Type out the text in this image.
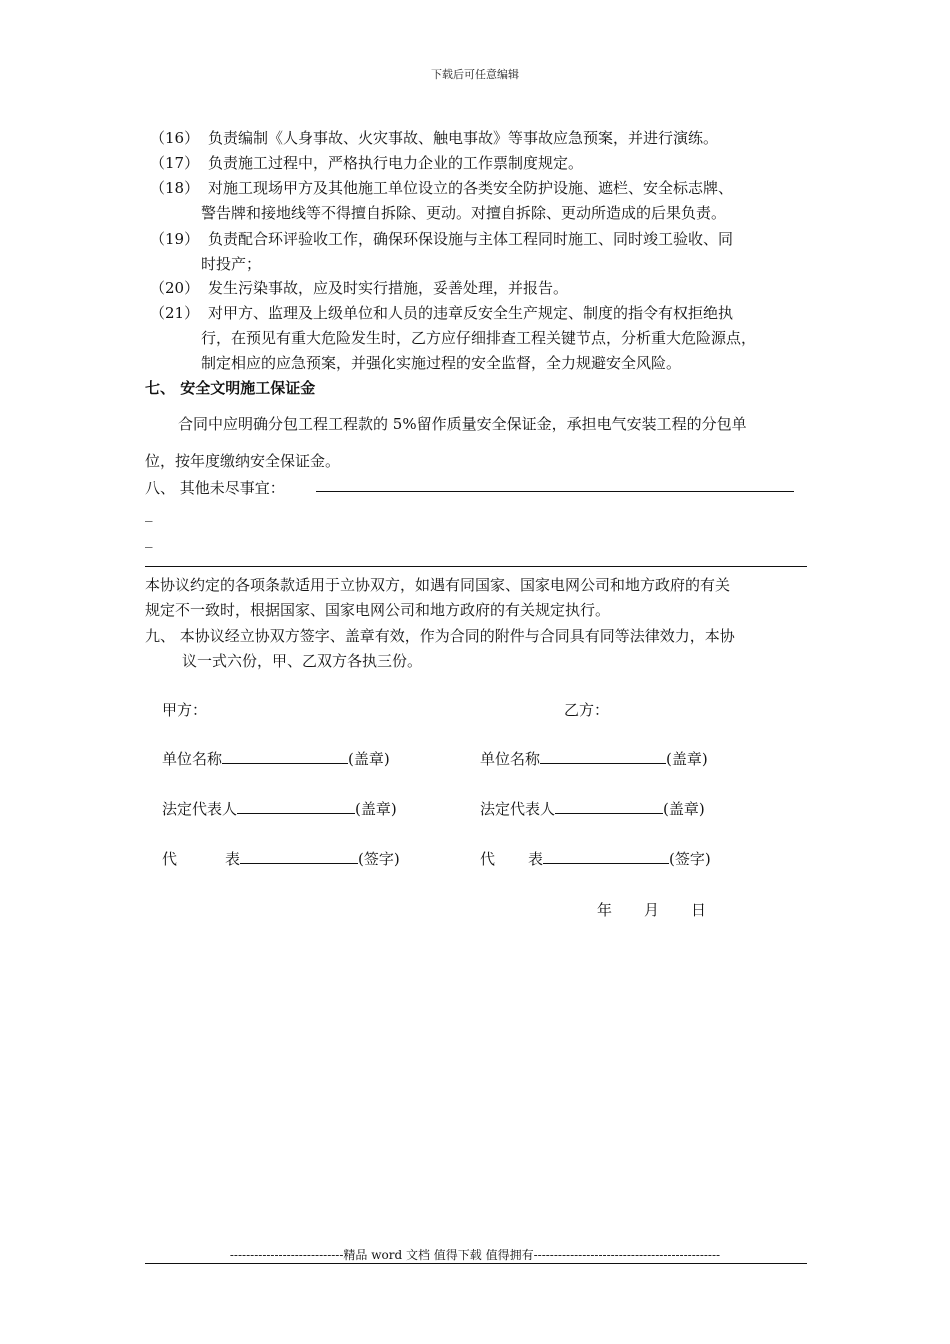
下载后可任意编辑
（16） 负责编制《人身事故、火灾事故、触电事故》等事故应急预案，并进行演练。
（17） 负责施工过程中，严格执行电力企业的工作票制度规定。
（18） 对施工现场甲方及其他施工单位设立的各类安全防护设施、遮栏、安全标志牌、
警告牌和接地线等不得擅自拆除、更动。对擅自拆除、更动所造成的后果负责。
（19） 负责配合环评验收工作，确保环保设施与主体工程同时施工、同时竣工验收、同
时投产；
（20） 发生污染事故，应及时实行措施，妥善处理，并报告。
（21） 对甲方、监理及上级单位和人员的违章反安全生产规定、制度的指令有权拒绝执
行，在预见有重大危险发生时，乙方应仔细排查工程关键节点，分析重大危险源点，
制定相应的应急预案，并强化实施过程的安全监督，全力规避安全风险。
七、 安全文明施工保证金
合同中应明确分包工程工程款的 5%留作质量安全保证金，承担电气安装工程的分包单
位，按年度缴纳安全保证金。
八、 其他未尽事宜：
_
_
本协议约定的各项条款适用于立协双方，如遇有同国家、国家电网公司和地方政府的有关
规定不一致时，根据国家、国家电网公司和地方政府的有关规定执行。
九、 本协议经立协双方签字、盖章有效，作为合同的附件与合同具有同等法律效力，本协
议一式六份，甲、乙双方各执三份。
甲方：	乙方：
单位名称	(盖章)	单位名称	(盖章)
法定代表人	(盖章)	法定代表人	(盖章)
代	表	(签字)	代 表	(签字)
年 月 日
----------------------------精品 word 文档 值得下载 值得拥有----------------------------------------------
